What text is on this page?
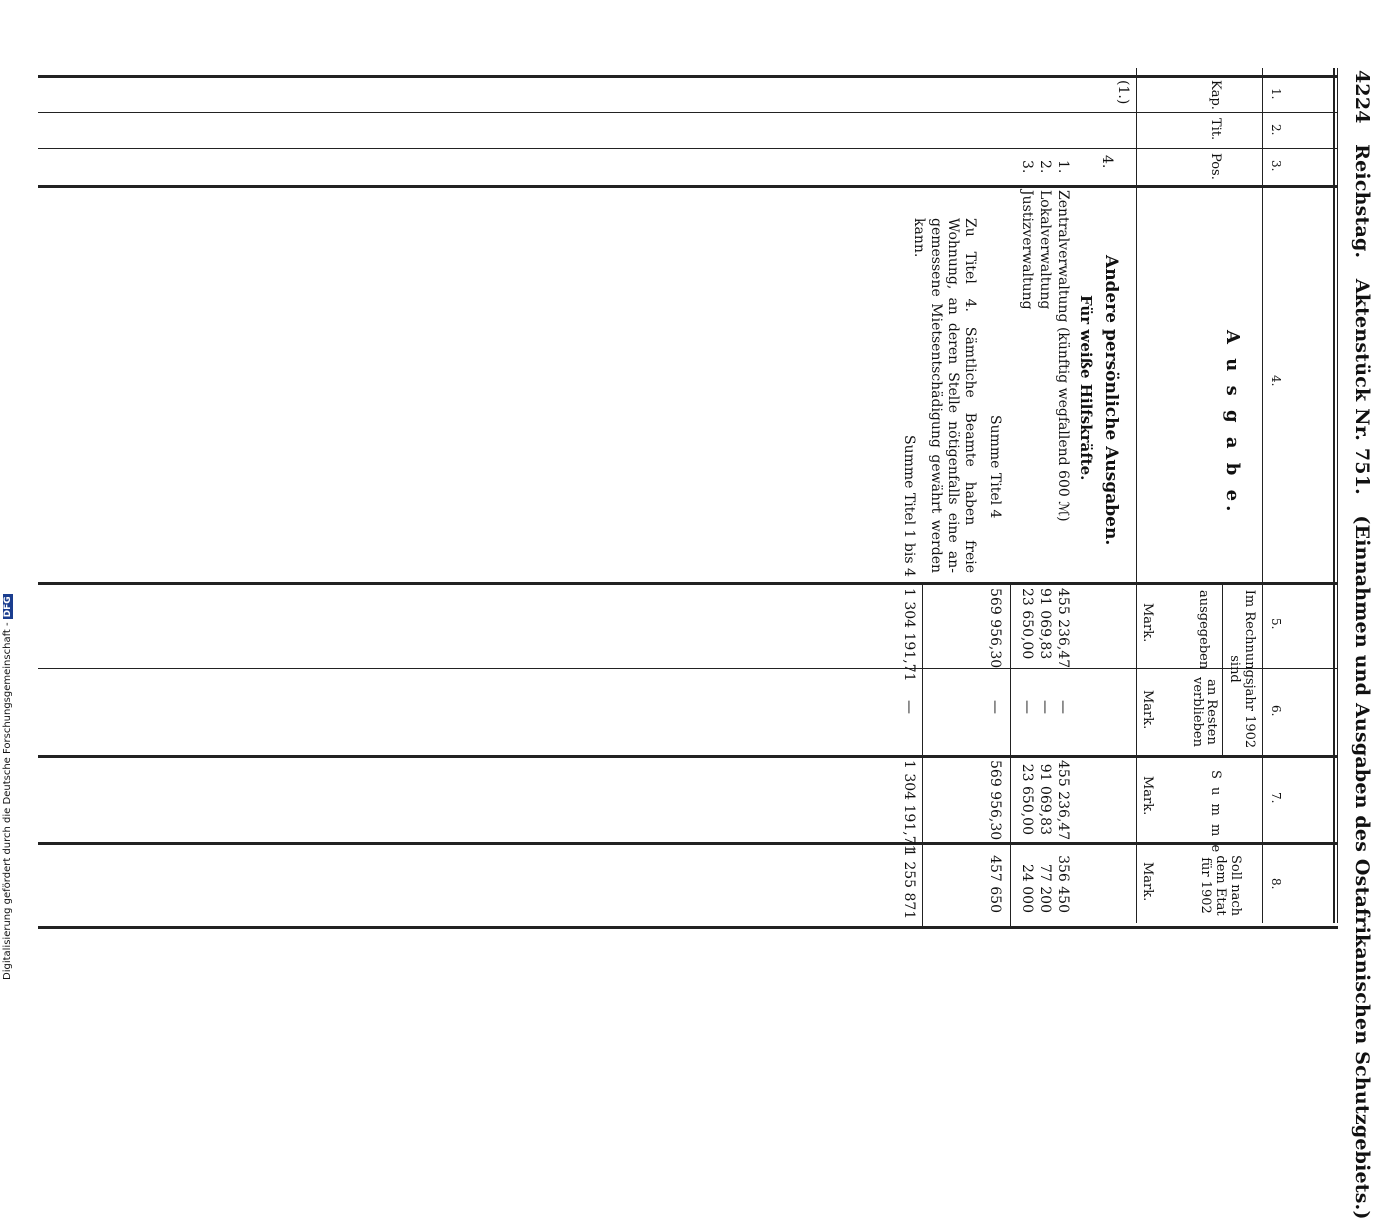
Digitalisierung gefördert durch die Deutsche Forschungsgemeinschaft -DFG
4224   Reichstag.   Aktenstück Nr. 751.   (Einnahmen und Ausgaben des Ostafrikanischen Schutzgebiets.)
1.
2.
3.
4.
5.
6.
7.
8.
Kap.
Tit.
Pos.
A u s g a b e.
Im Rechnungsjahr 1902 sind
ausgegeben
an Resten verblieben
S u m m e
Soll nach dem Etat für 1902
Mark.
Mark.
Mark.
Mark.
(1.)
4.
Andere persönliche Ausgaben.
Für weiße Hilfskräfte.
1.
Zentralverwaltung (künftig wegfallend 600 ℳ)
455 236,47
—
455 236,47
356 450
2.
Lokalverwaltung
91 069,83
—
91 069,83
77 200
3.
Justizverwaltung
23 650,00
—
23 650,00
24 000
Summe Titel 4
569 956,30
—
569 956,30
457 650
Zu Titel 4. Sämtliche Beamte haben freie Wohnung, an deren Stelle nötigenfalls eine an-gemessene Mietsentschädigung gewährt werden kann.
Summe Titel 1 bis 4
1 304 191,71
—
1 304 191,71
1 255 871
